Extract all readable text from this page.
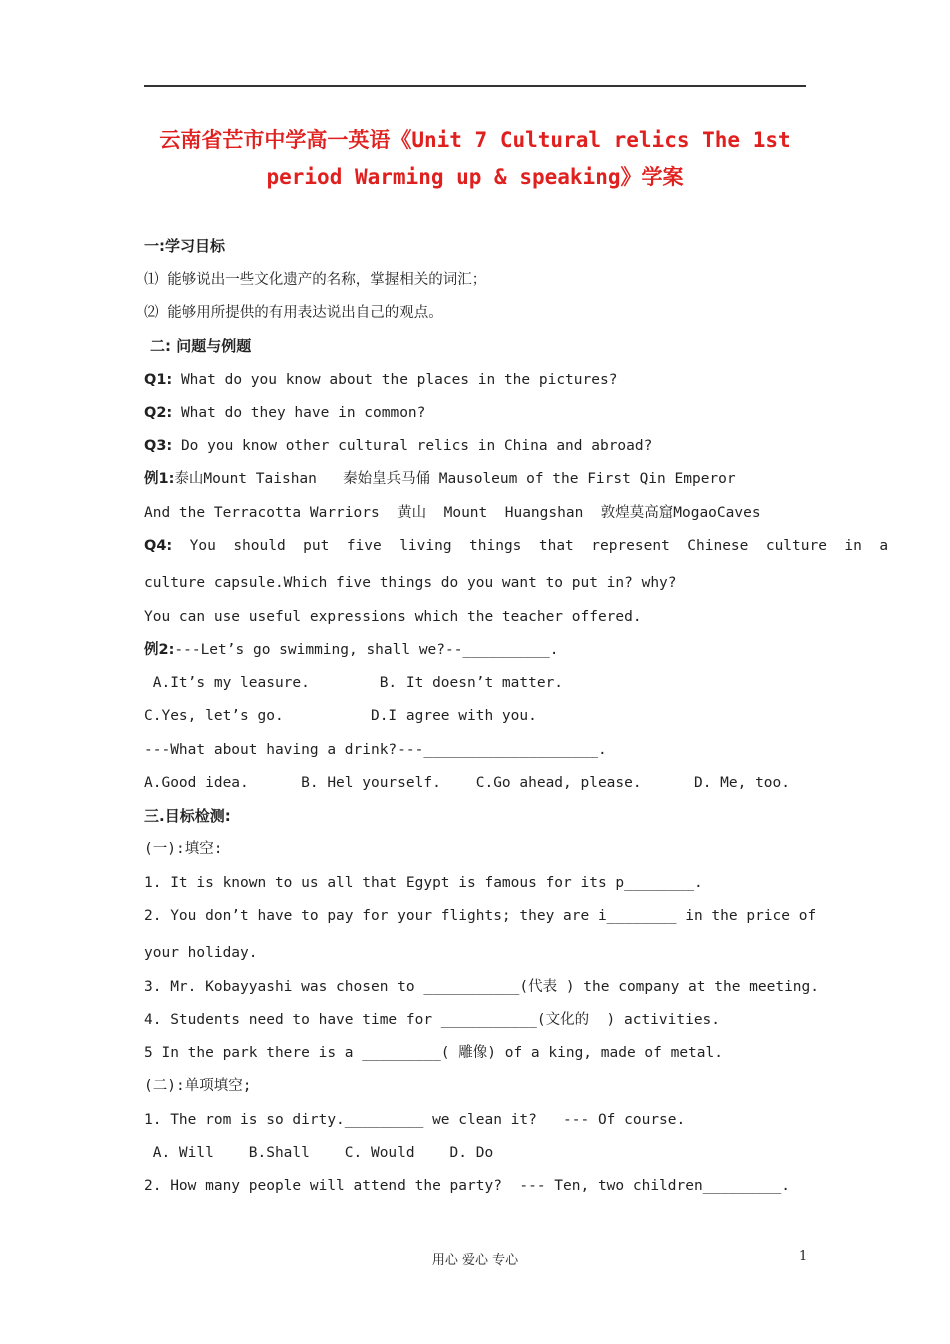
云南省芒市中学高一英语《Unit 7 Cultural relics The 1st
period Warming up & speaking》学案
一:学习目标
⑴ 能够说出一些文化遗产的名称，掌握相关的词汇；
⑵ 能够用所提供的有用表达说出自己的观点。
二: 问题与例题
Q1: What do you know about the places in the pictures?
Q2: What do they have in common?
Q3: Do you know other cultural relics in China and abroad?
例1:泰山Mount Taishan   秦始皇兵马俑 Mausoleum of the First Qin Emperor
And the Terracotta Warriors  黄山  Mount  Huangshan  敦煌莫高窟MogaoCaves
Q4:  You  should  put  five  living  things  that  represent  Chinese  culture  in  a
culture capsule.Which five things do you want to put in? why?
You can use useful expressions which the teacher offered.
例2:---Let’s go swimming, shall we?--__________.
A.It’s my leasure.        B. It doesn’t matter.
C.Yes, let’s go.          D.I agree with you.
---What about having a drink?---____________________.
A.Good idea.      B. Hel yourself.    C.Go ahead, please.      D. Me, too.
三.目标检测:
(一):填空:
1. It is known to us all that Egypt is famous for its p________.
2. You don’t have to pay for your flights; they are i________ in the price of
your holiday.
3. Mr. Kobayyashi was chosen to ___________(代表 ) the company at the meeting.
4. Students need to have time for ___________(文化的  ) activities.
5 In the park there is a _________( 雕像) of a king, made of metal.
(二):单项填空;
1. The rom is so dirty._________ we clean it?   --- Of course.
A. Will    B.Shall    C. Would    D. Do
2. How many people will attend the party?  --- Ten, two children_________.
用心 爱心 专心	1
